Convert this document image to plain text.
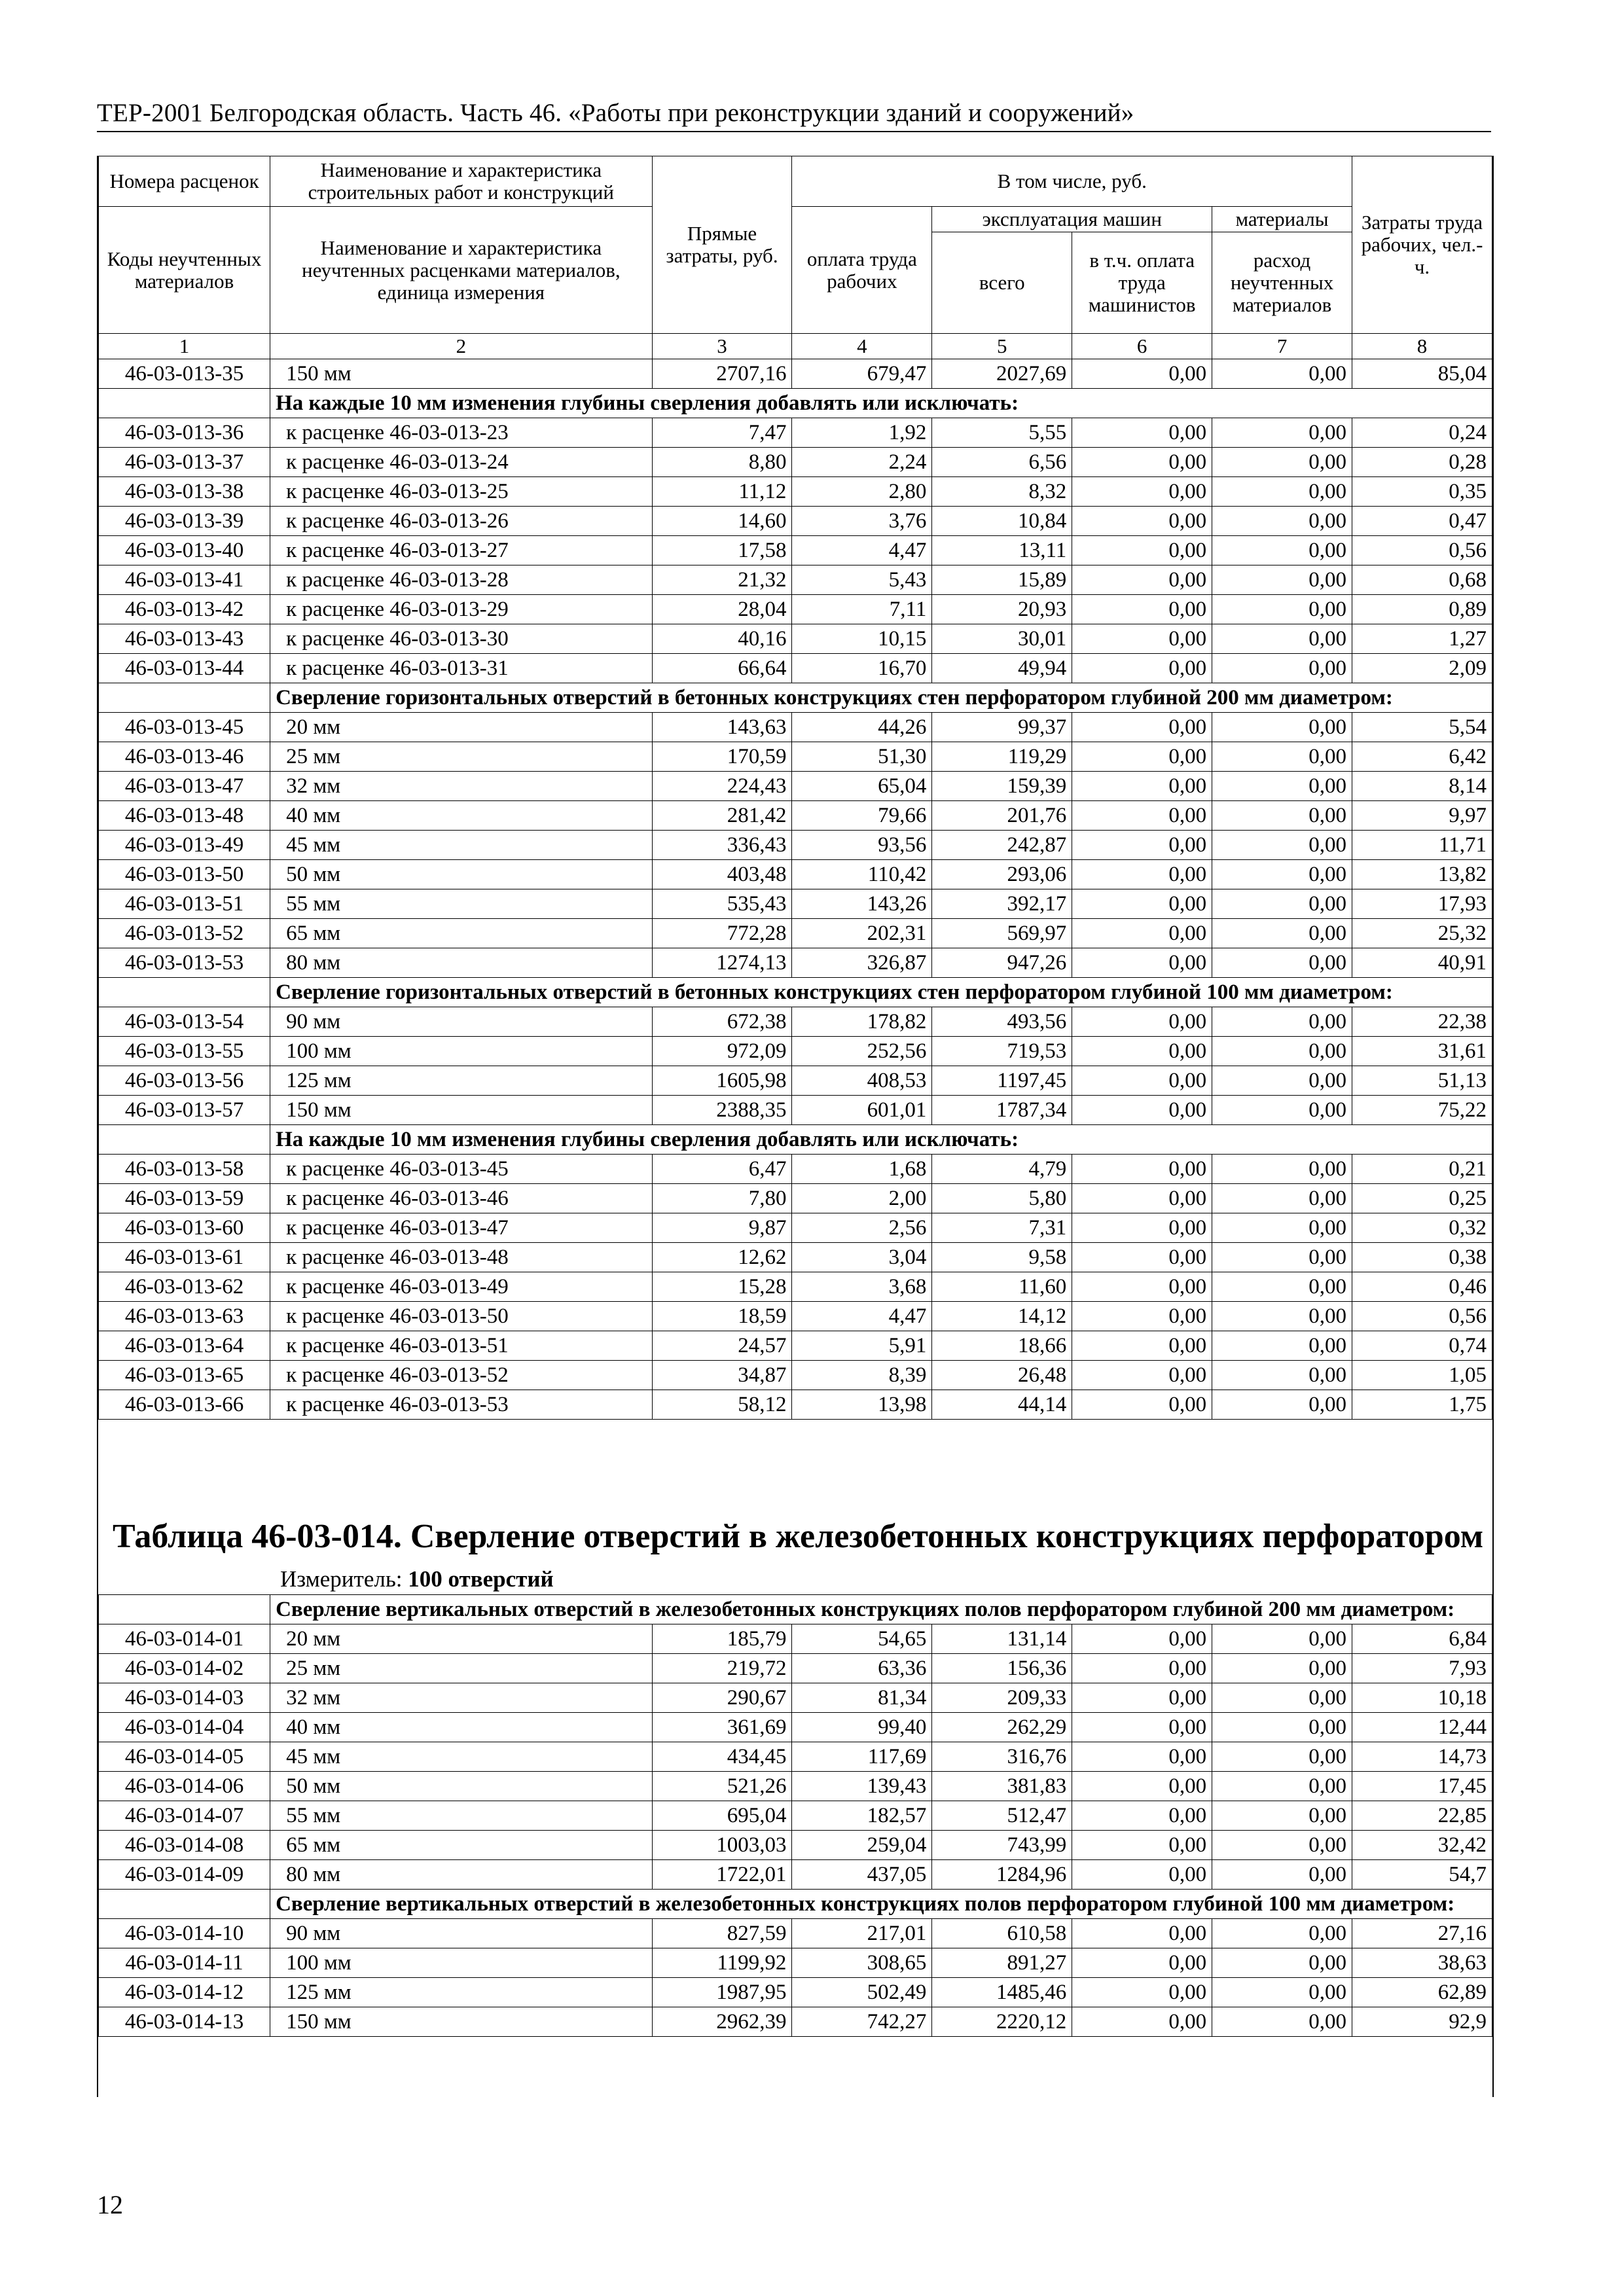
ТЕР-2001 Белгородская область. Часть 46. «Работы при реконструкции зданий и сооружений»
Номера расценок	Наименование и характеристика строительных работ и конструкций	Прямые затраты, руб.	В том числе, руб.				Затраты труда рабочих, чел.-ч.
Коды неучтенных материалов	Наименование и характеристика неучтенных расценками материалов, единица измерения		оплата труда рабочих	эксплуатация машин		материалы	
				всего	в т.ч. оплата труда машинистов	расход неучтенных материалов	
1	2	3	4	5	6	7	8
46-03-013-35	150 мм	2707,16	679,47	2027,69	0,00	0,00	85,04
	На каждые 10 мм изменения глубины сверления добавлять или исключать:						
46-03-013-36	к расценке 46-03-013-23	7,47	1,92	5,55	0,00	0,00	0,24
46-03-013-37	к расценке 46-03-013-24	8,80	2,24	6,56	0,00	0,00	0,28
46-03-013-38	к расценке 46-03-013-25	11,12	2,80	8,32	0,00	0,00	0,35
46-03-013-39	к расценке 46-03-013-26	14,60	3,76	10,84	0,00	0,00	0,47
46-03-013-40	к расценке 46-03-013-27	17,58	4,47	13,11	0,00	0,00	0,56
46-03-013-41	к расценке 46-03-013-28	21,32	5,43	15,89	0,00	0,00	0,68
46-03-013-42	к расценке 46-03-013-29	28,04	7,11	20,93	0,00	0,00	0,89
46-03-013-43	к расценке 46-03-013-30	40,16	10,15	30,01	0,00	0,00	1,27
46-03-013-44	к расценке 46-03-013-31	66,64	16,70	49,94	0,00	0,00	2,09
	Сверление горизонтальных отверстий в бетонных конструкциях стен перфоратором глубиной 200 мм диаметром:						
46-03-013-45	20 мм	143,63	44,26	99,37	0,00	0,00	5,54
46-03-013-46	25 мм	170,59	51,30	119,29	0,00	0,00	6,42
46-03-013-47	32 мм	224,43	65,04	159,39	0,00	0,00	8,14
46-03-013-48	40 мм	281,42	79,66	201,76	0,00	0,00	9,97
46-03-013-49	45 мм	336,43	93,56	242,87	0,00	0,00	11,71
46-03-013-50	50 мм	403,48	110,42	293,06	0,00	0,00	13,82
46-03-013-51	55 мм	535,43	143,26	392,17	0,00	0,00	17,93
46-03-013-52	65 мм	772,28	202,31	569,97	0,00	0,00	25,32
46-03-013-53	80 мм	1274,13	326,87	947,26	0,00	0,00	40,91
	Сверление горизонтальных отверстий в бетонных конструкциях стен перфоратором глубиной 100 мм диаметром:						
46-03-013-54	90 мм	672,38	178,82	493,56	0,00	0,00	22,38
46-03-013-55	100 мм	972,09	252,56	719,53	0,00	0,00	31,61
46-03-013-56	125 мм	1605,98	408,53	1197,45	0,00	0,00	51,13
46-03-013-57	150 мм	2388,35	601,01	1787,34	0,00	0,00	75,22
	На каждые 10 мм изменения глубины сверления добавлять или исключать:						
46-03-013-58	к расценке 46-03-013-45	6,47	1,68	4,79	0,00	0,00	0,21
46-03-013-59	к расценке 46-03-013-46	7,80	2,00	5,80	0,00	0,00	0,25
46-03-013-60	к расценке 46-03-013-47	9,87	2,56	7,31	0,00	0,00	0,32
46-03-013-61	к расценке 46-03-013-48	12,62	3,04	9,58	0,00	0,00	0,38
46-03-013-62	к расценке 46-03-013-49	15,28	3,68	11,60	0,00	0,00	0,46
46-03-013-63	к расценке 46-03-013-50	18,59	4,47	14,12	0,00	0,00	0,56
46-03-013-64	к расценке 46-03-013-51	24,57	5,91	18,66	0,00	0,00	0,74
46-03-013-65	к расценке 46-03-013-52	34,87	8,39	26,48	0,00	0,00	1,05
46-03-013-66	к расценке 46-03-013-53	58,12	13,98	44,14	0,00	0,00	1,75
Таблица 46-03-014. Сверление отверстий в железобетонных конструкциях перфоратором
Измеритель: 100 отверстий
	Сверление вертикальных отверстий в железобетонных конструкциях полов перфоратором глубиной 200 мм диаметром:						
46-03-014-01	20 мм	185,79	54,65	131,14	0,00	0,00	6,84
46-03-014-02	25 мм	219,72	63,36	156,36	0,00	0,00	7,93
46-03-014-03	32 мм	290,67	81,34	209,33	0,00	0,00	10,18
46-03-014-04	40 мм	361,69	99,40	262,29	0,00	0,00	12,44
46-03-014-05	45 мм	434,45	117,69	316,76	0,00	0,00	14,73
46-03-014-06	50 мм	521,26	139,43	381,83	0,00	0,00	17,45
46-03-014-07	55 мм	695,04	182,57	512,47	0,00	0,00	22,85
46-03-014-08	65 мм	1003,03	259,04	743,99	0,00	0,00	32,42
46-03-014-09	80 мм	1722,01	437,05	1284,96	0,00	0,00	54,7
	Сверление вертикальных отверстий в железобетонных конструкциях полов перфоратором глубиной 100 мм диаметром:						
46-03-014-10	90 мм	827,59	217,01	610,58	0,00	0,00	27,16
46-03-014-11	100 мм	1199,92	308,65	891,27	0,00	0,00	38,63
46-03-014-12	125 мм	1987,95	502,49	1485,46	0,00	0,00	62,89
46-03-014-13	150 мм	2962,39	742,27	2220,12	0,00	0,00	92,9
12
